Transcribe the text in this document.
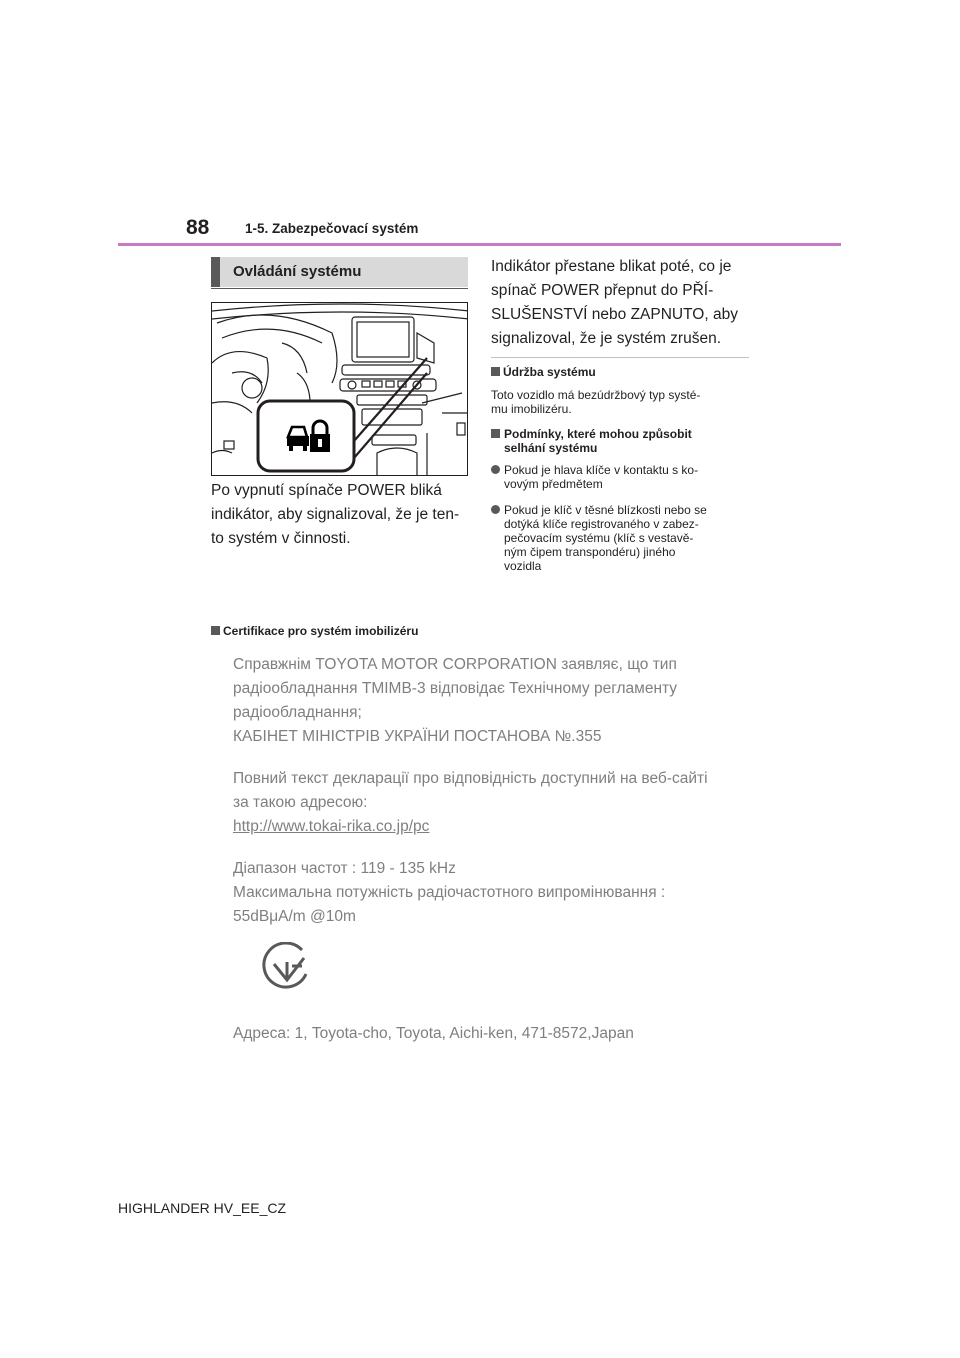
88	1-5. Zabezpečovací systém
Ovládání systému
Po vypnutí spínače POWER bliká
indikátor, aby signalizoval, že je ten-
to systém v činnosti.
Indikátor přestane blikat poté, co je
spínač POWER přepnut do PŘÍ-
SLUŠENSTVÍ nebo ZAPNUTO, aby
signalizoval, že je systém zrušen.
Údržba systému
Toto vozidlo má bezúdržbový typ systé-
mu imobilizéru.
Podmínky, které mohou způsobit
selhání systému
Pokud je hlava klíče v kontaktu s ko-
vovým předmětem
Pokud je klíč v těsné blízkosti nebo se
dotýká klíče registrovaného v zabez-
pečovacím systému (klíč s vestavě-
ným čipem transpondéru) jiného
vozidla
Certifikace pro systém imobilizéru
Справжнім TOYOTA MOTOR CORPORATION заявляє, що тип
радіообладнання TMIMB-3 відповідає Технічному регламенту
радіообладнання;
КАБІНЕТ МІНІСТРІВ УКРАЇНИ ПОСТАНОВА №.355
Повний текст декларації про відповідність доступний на веб-сайті
за такою адресою:
http://www.tokai-rika.co.jp/pc
Діапазон частот : 119 - 135 kHz
Максимальна потужність радіочастотного випромінювання :
55dBμA/m @10m
Адреса: 1, Toyota-cho, Toyota, Aichi-ken, 471-8572,Japan
HIGHLANDER HV_EE_CZ
